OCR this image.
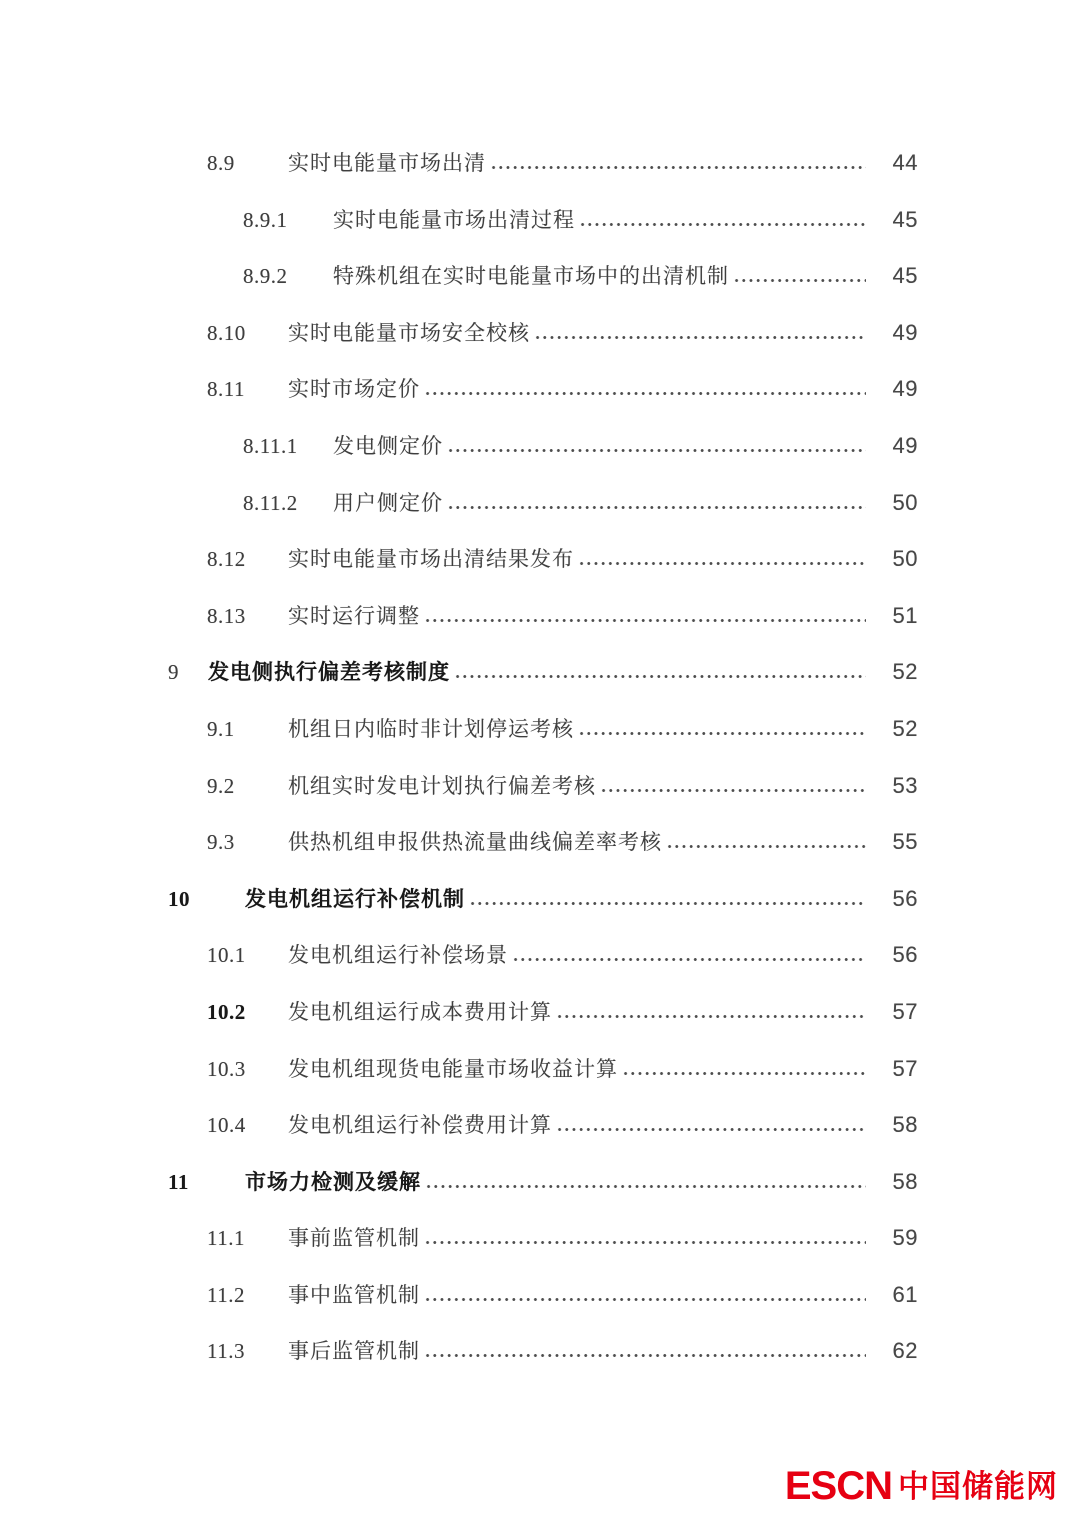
8.9	实时电能量市场出清	44
8.9.1	实时电能量市场出清过程	45
8.9.2	特殊机组在实时电能量市场中的出清机制	45
8.10	实时电能量市场安全校核	49
8.11	实时市场定价	49
8.11.1	发电侧定价	49
8.11.2	用户侧定价	50
8.12	实时电能量市场出清结果发布	50
8.13	实时运行调整	51
9	发电侧执行偏差考核制度	52
9.1	机组日内临时非计划停运考核	52
9.2	机组实时发电计划执行偏差考核	53
9.3	供热机组申报供热流量曲线偏差率考核	55
10	发电机组运行补偿机制	56
10.1	发电机组运行补偿场景	56
10.2	发电机组运行成本费用计算	57
10.3	发电机组现货电能量市场收益计算	57
10.4	发电机组运行补偿费用计算	58
11	市场力检测及缓解	58
11.1	事前监管机制	59
11.2	事中监管机制	61
11.3	事后监管机制	62
ESCN 中国储能网
